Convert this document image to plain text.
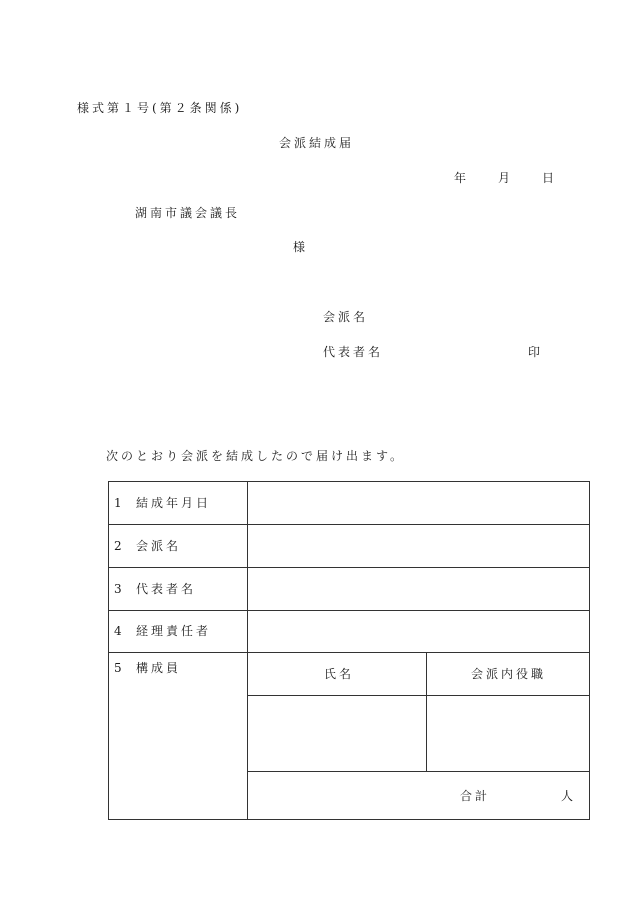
様式第１号(第２条関係)
会派結成届
年 月 日
湖南市議会議長
様
会派名
代表者名	印
次のとおり会派を結成したので届け出ます。
1 結成年月日
2 会派名
3 代表者名
4 経理責任者
5 構成員	氏名	会派内役職
合計	人
